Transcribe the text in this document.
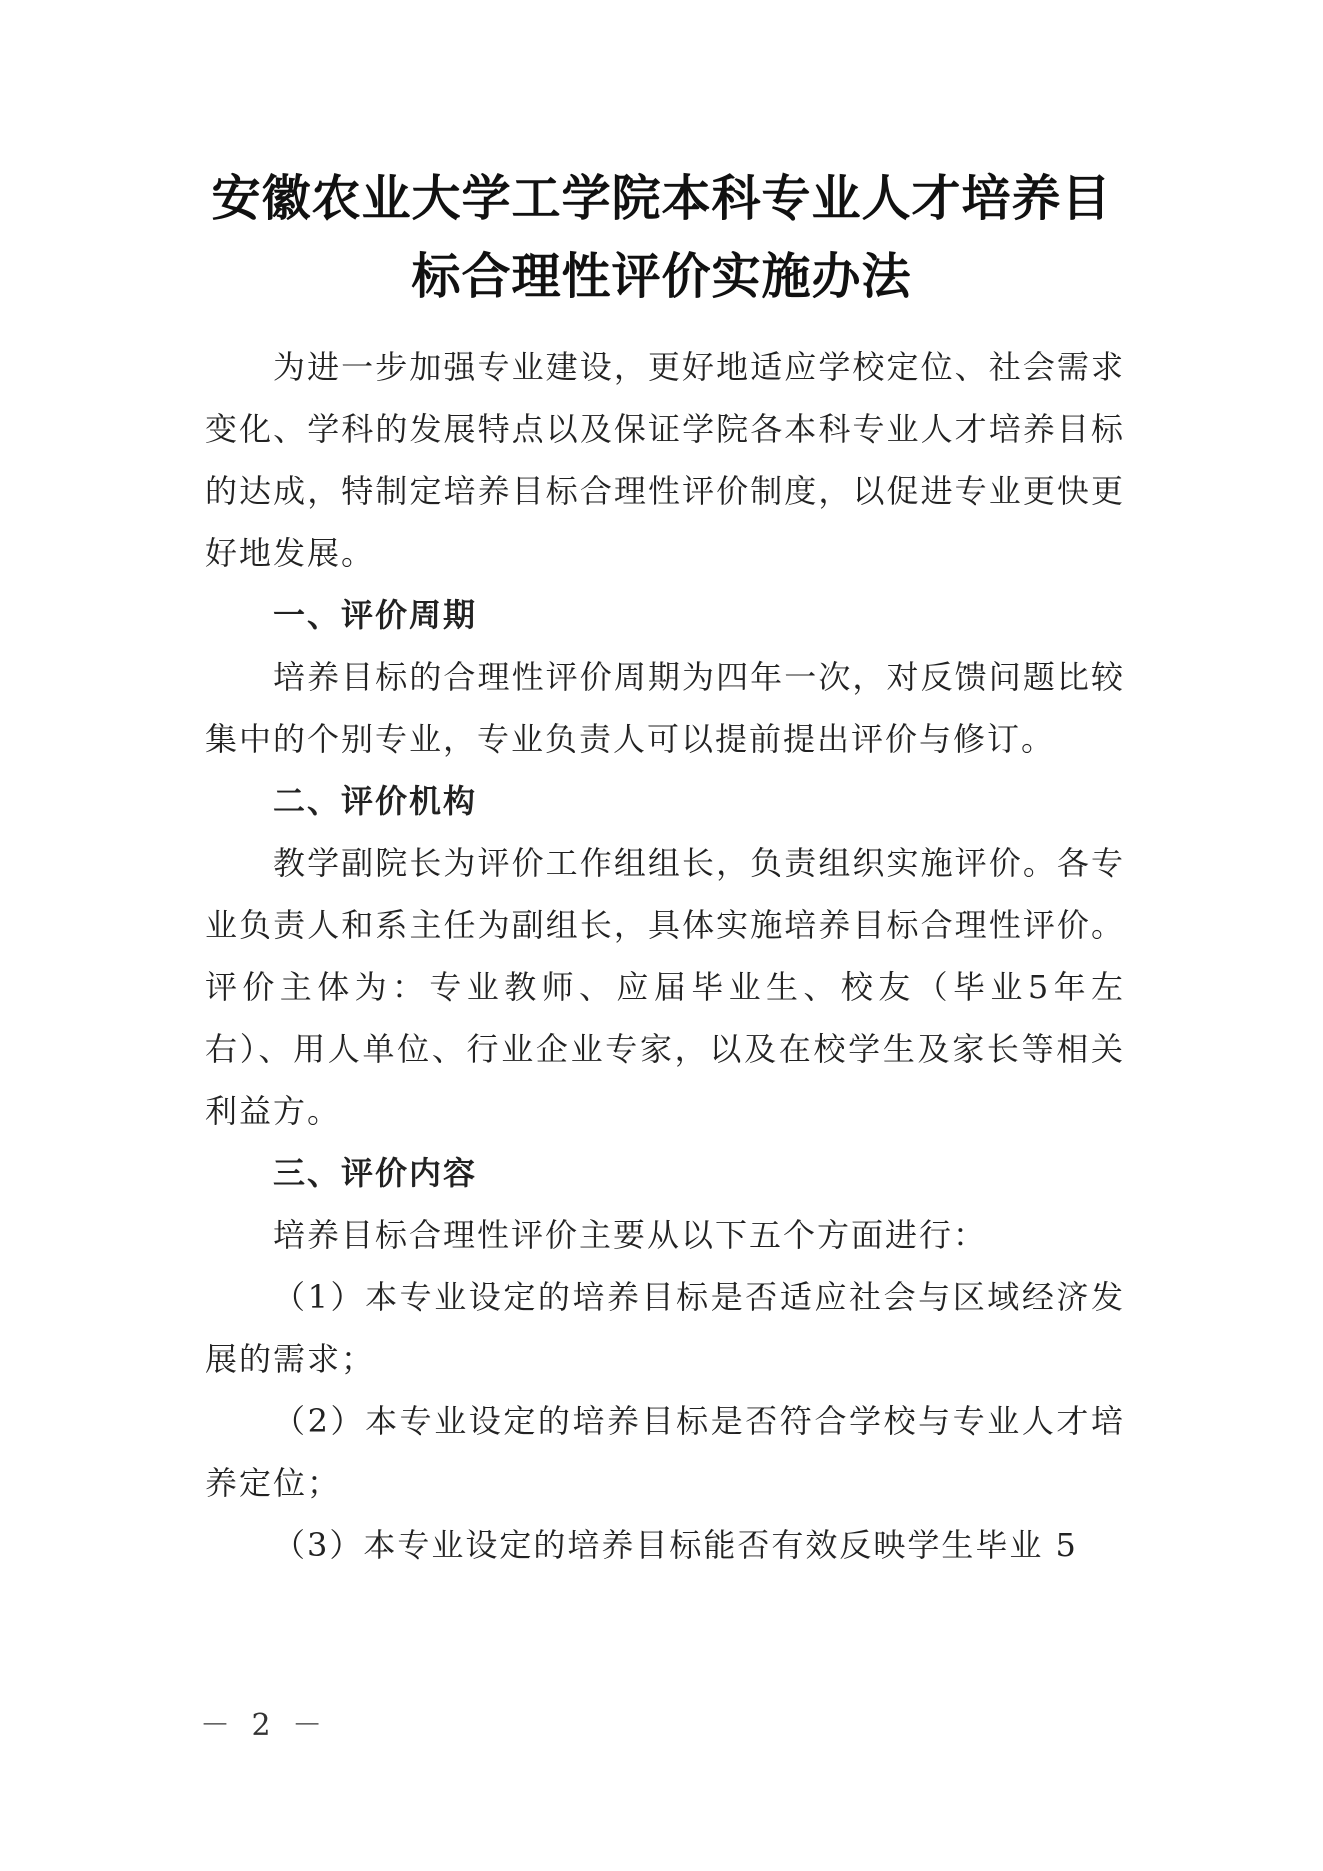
安徽农业大学工学院本科专业人才培养目
标合理性评价实施办法

为进一步加强专业建设，更好地适应学校定位、社会需求变化、学科的发展特点以及保证学院各本科专业人才培养目标的达成，特制定培养目标合理性评价制度，以促进专业更快更好地发展。

一、评价周期

培养目标的合理性评价周期为四年一次，对反馈问题比较集中的个别专业，专业负责人可以提前提出评价与修订。

二、评价机构

教学副院长为评价工作组组长，负责组织实施评价。各专业负责人和系主任为副组长，具体实施培养目标合理性评价。评价主体为：专业教师、应届毕业生、校友（毕业5年左右）、用人单位、行业企业专家，以及在校学生及家长等相关利益方。

三、评价内容

培养目标合理性评价主要从以下五个方面进行：

（1）本专业设定的培养目标是否适应社会与区域经济发展的需求；

（2）本专业设定的培养目标是否符合学校与专业人才培养定位；

（3）本专业设定的培养目标能否有效反映学生毕业 5

－ 2 －
